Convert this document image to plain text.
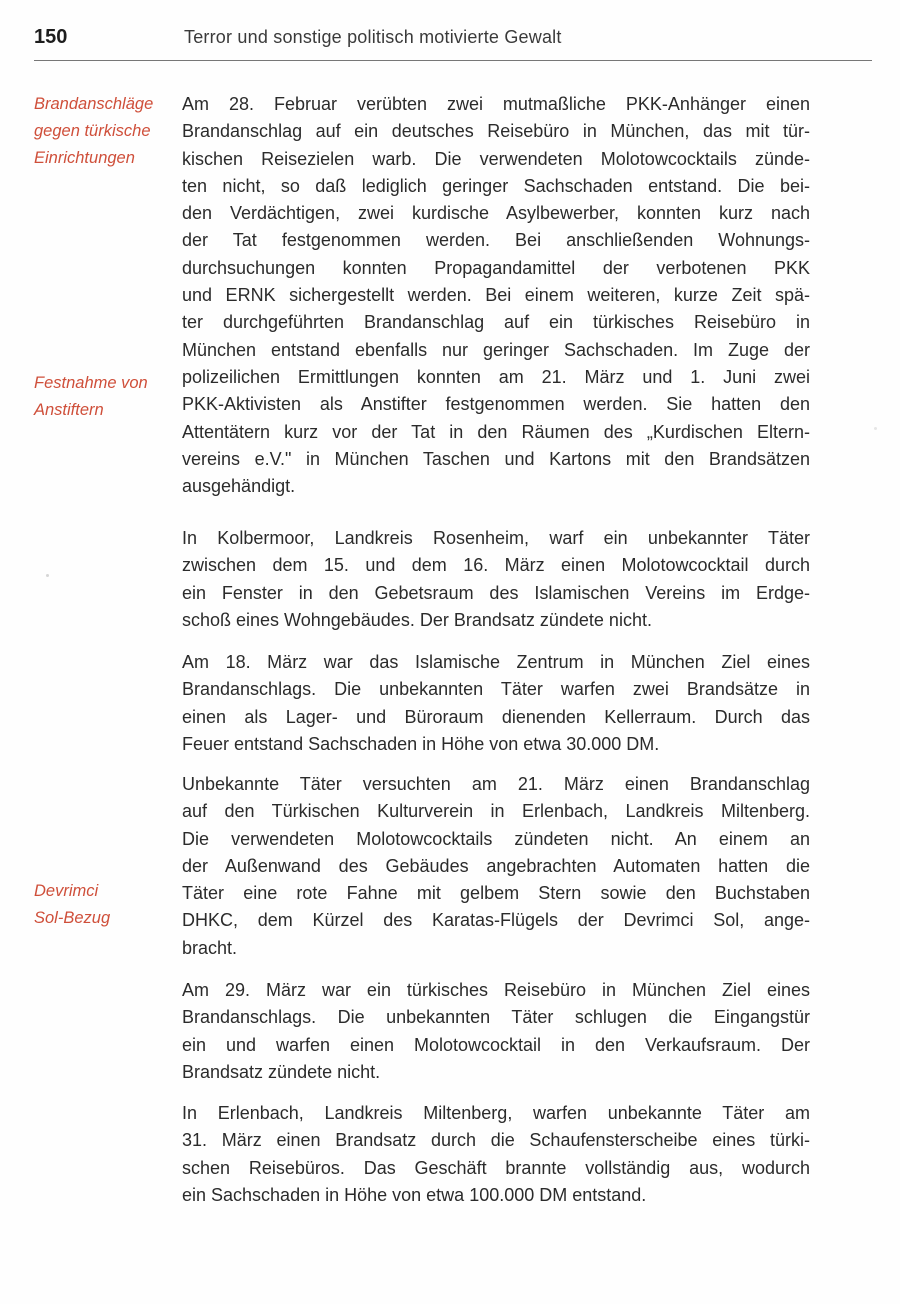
150	Terror und sonstige politisch motivierte Gewalt
Brandanschläge
gegen türkische
Einrichtungen
Festnahme von
Anstiftern
Devrimci
Sol-Bezug
Am 28. Februar verübten zwei mutmaßliche PKK-Anhänger einen
Brandanschlag auf ein deutsches Reisebüro in München, das mit tür-
kischen Reisezielen warb. Die verwendeten Molotowcocktails zünde-
ten nicht, so daß lediglich geringer Sachschaden entstand. Die bei-
den Verdächtigen, zwei kurdische Asylbewerber, konnten kurz nach
der Tat festgenommen werden. Bei anschließenden Wohnungs-
durchsuchungen konnten Propagandamittel der verbotenen PKK
und ERNK sichergestellt werden. Bei einem weiteren, kurze Zeit spä-
ter durchgeführten Brandanschlag auf ein türkisches Reisebüro in
München entstand ebenfalls nur geringer Sachschaden. Im Zuge der
polizeilichen Ermittlungen konnten am 21. März und 1. Juni zwei
PKK-Aktivisten als Anstifter festgenommen werden. Sie hatten den
Attentätern kurz vor der Tat in den Räumen des „Kurdischen Eltern-
vereins e.V." in München Taschen und Kartons mit den Brandsätzen
ausgehändigt.
In Kolbermoor, Landkreis Rosenheim, warf ein unbekannter Täter
zwischen dem 15. und dem 16. März einen Molotowcocktail durch
ein Fenster in den Gebetsraum des Islamischen Vereins im Erdge-
schoß eines Wohngebäudes. Der Brandsatz zündete nicht.
Am 18. März war das Islamische Zentrum in München Ziel eines
Brandanschlags. Die unbekannten Täter warfen zwei Brandsätze in
einen als Lager- und Büroraum dienenden Kellerraum. Durch das
Feuer entstand Sachschaden in Höhe von etwa 30.000 DM.
Unbekannte Täter versuchten am 21. März einen Brandanschlag
auf den Türkischen Kulturverein in Erlenbach, Landkreis Miltenberg.
Die verwendeten Molotowcocktails zündeten nicht. An einem an
der Außenwand des Gebäudes angebrachten Automaten hatten die
Täter eine rote Fahne mit gelbem Stern sowie den Buchstaben
DHKC, dem Kürzel des Karatas-Flügels der Devrimci Sol, ange-
bracht.
Am 29. März war ein türkisches Reisebüro in München Ziel eines
Brandanschlags. Die unbekannten Täter schlugen die Eingangstür
ein und warfen einen Molotowcocktail in den Verkaufsraum. Der
Brandsatz zündete nicht.
In Erlenbach, Landkreis Miltenberg, warfen unbekannte Täter am
31. März einen Brandsatz durch die Schaufensterscheibe eines türki-
schen Reisebüros. Das Geschäft brannte vollständig aus, wodurch
ein Sachschaden in Höhe von etwa 100.000 DM entstand.
